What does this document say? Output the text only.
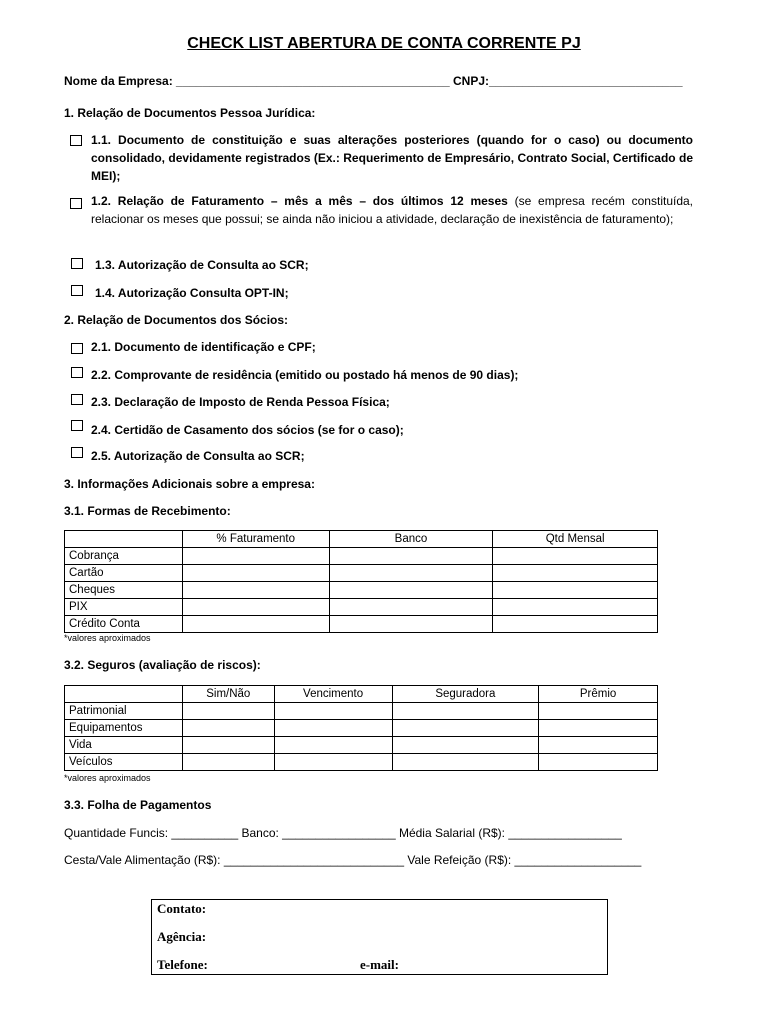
CHECK LIST ABERTURA DE CONTA CORRENTE PJ
Nome da Empresa: _________________________________________ CNPJ:_____________________________
1. Relação de Documentos Pessoa Jurídica:
1.1. Documento de constituição e suas alterações posteriores (quando for o caso) ou documento consolidado, devidamente registrados (Ex.: Requerimento de Empresário, Contrato Social, Certificado de MEI);
1.2. Relação de Faturamento – mês a mês – dos últimos 12 meses (se empresa recém constituída, relacionar os meses que possui; se ainda não iniciou a atividade, declaração de inexistência de faturamento);
1.3. Autorização de Consulta ao SCR;
1.4. Autorização Consulta OPT-IN;
2. Relação de Documentos dos Sócios:
2.1. Documento de identificação e CPF;
2.2. Comprovante de residência (emitido ou postado há menos de 90 dias);
2.3. Declaração de Imposto de Renda Pessoa Física;
2.4. Certidão de Casamento dos sócios (se for o caso);
2.5. Autorização de Consulta ao SCR;
3. Informações Adicionais sobre a empresa:
3.1. Formas de Recebimento:
	% Faturamento	Banco	Qtd Mensal
Cobrança			
Cartão			
Cheques			
PIX			
Crédito Conta			
*valores aproximados
3.2. Seguros (avaliação de riscos):
	Sim/Não	Vencimento	Seguradora	Prêmio
Patrimonial				
Equipamentos				
Vida				
Veículos				
*valores aproximados
3.3. Folha de Pagamentos
Quantidade Funcis: __________ Banco: _________________ Média Salarial (R$): _________________
Cesta/Vale Alimentação (R$): ___________________________ Vale Refeição (R$): ___________________
Contato:
Agência:
Telefone:	e-mail:
